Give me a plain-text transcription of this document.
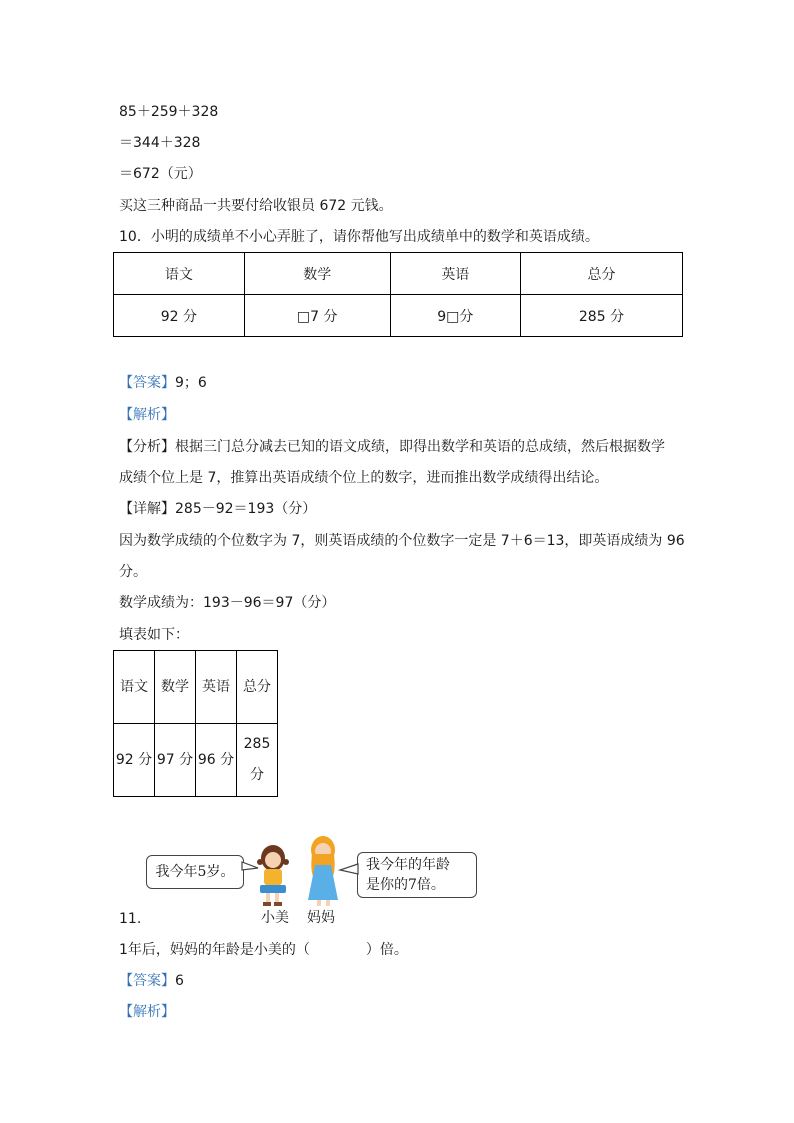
85＋259＋328
＝344＋328
＝672（元）
买这三种商品一共要付给收银员 672 元钱。
10．小明的成绩单不小心弄脏了，请你帮他写出成绩单中的数学和英语成绩。
语文	数学	英语	总分
92 分	□7 分	9□分	285 分
【答案】9；6
【解析】
【分析】根据三门总分减去已知的语文成绩，即得出数学和英语的总成绩，然后根据数学
成绩个位上是 7，推算出英语成绩个位上的数字，进而推出数学成绩得出结论。
【详解】285－92＝193（分）
因为数学成绩的个位数字为 7，则英语成绩的个位数字一定是 7＋6＝13，即英语成绩为 96
分。
数学成绩为：193－96＝97（分）
填表如下：
语文	数学	英语	总分
92 分	97 分	96 分	285 分
我今年5岁。	我今年的年龄
是你的7倍。
小美 妈妈
11.
1年后，妈妈的年龄是小美的（　　　　）倍。
【答案】6
【解析】
